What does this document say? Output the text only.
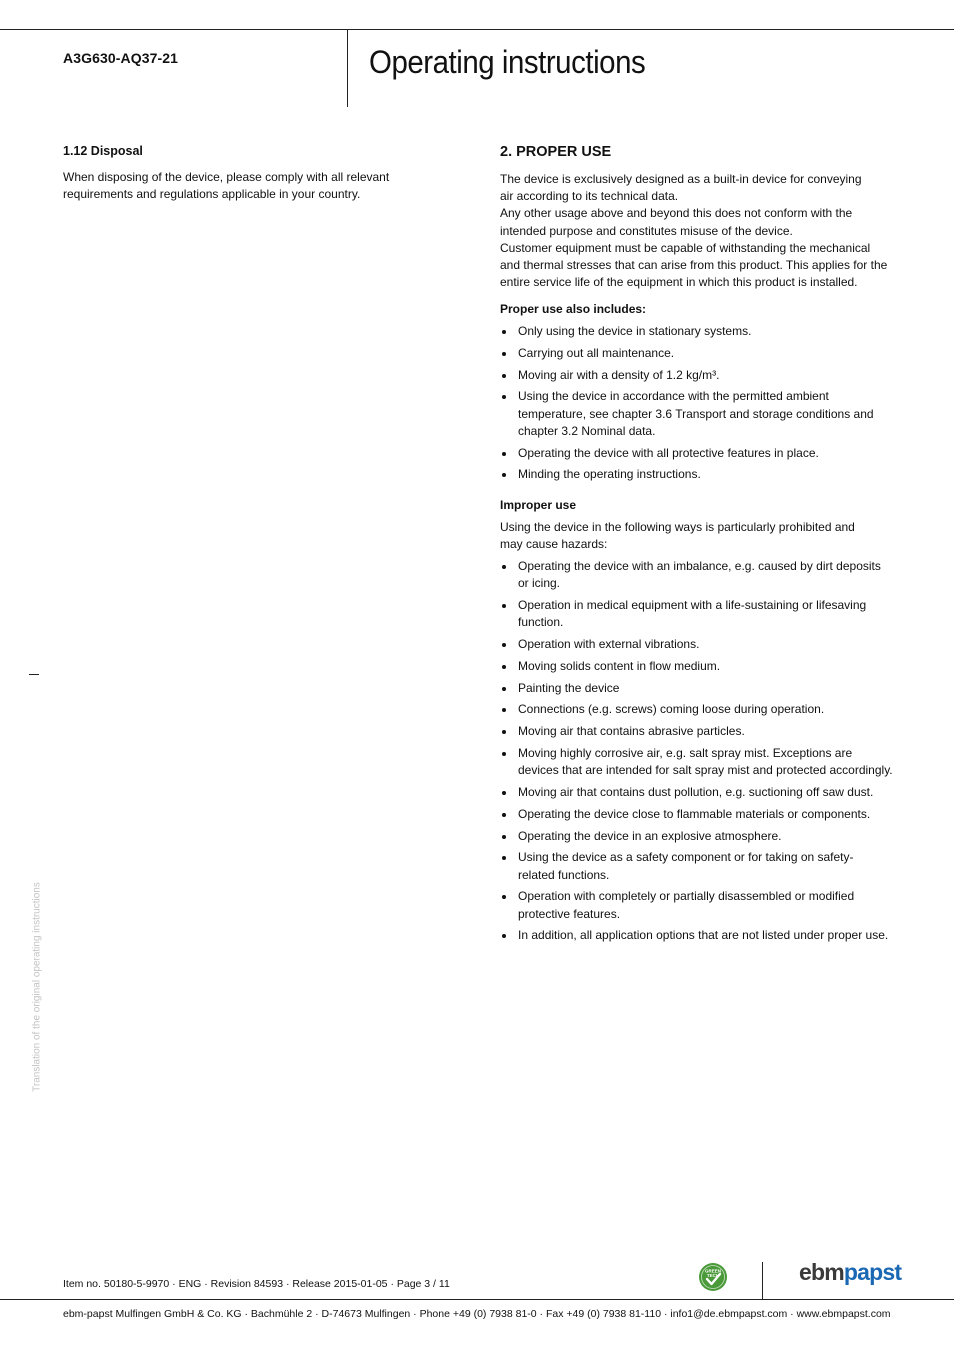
A3G630-AQ37-21	Operating instructions
1.12 Disposal
When disposing of the device, please comply with all relevant
requirements and regulations applicable in your country.
2. PROPER USE
The device is exclusively designed as a built-in device for conveying
air according to its technical data.
Any other usage above and beyond this does not conform with the
intended purpose and constitutes misuse of the device.
Customer equipment must be capable of withstanding the mechanical
and thermal stresses that can arise from this product. This applies for the
entire service life of the equipment in which this product is installed.
Proper use also includes:
Only using the device in stationary systems.
Carrying out all maintenance.
Moving air with a density of 1.2 kg/m³.
Using the device in accordance with the permitted ambient
temperature, see chapter 3.6 Transport and storage conditions and
chapter 3.2 Nominal data.
Operating the device with all protective features in place.
Minding the operating instructions.
Improper use
Using the device in the following ways is particularly prohibited and
may cause hazards:
Operating the device with an imbalance, e.g. caused by dirt deposits
or icing.
Operation in medical equipment with a life-sustaining or lifesaving
function.
Operation with external vibrations.
Moving solids content in flow medium.
Painting the device
Connections (e.g. screws) coming loose during operation.
Moving air that contains abrasive particles.
Moving highly corrosive air, e.g. salt spray mist. Exceptions are
devices that are intended for salt spray mist and protected accordingly.
Moving air that contains dust pollution, e.g. suctioning off saw dust.
Operating the device close to flammable materials or components.
Operating the device in an explosive atmosphere.
Using the device as a safety component or for taking on safety-
related functions.
Operation with completely or partially disassembled or modified
protective features.
In addition, all application options that are not listed under proper use.
Translation of the original operating instructions
Item no. 50180-5-9970 · ENG · Revision 84593 · Release 2015-01-05 · Page 3 / 11
GREEN
TECH	ebmpapst
ebm-papst Mulfingen GmbH & Co. KG · Bachmühle 2 · D-74673 Mulfingen · Phone +49 (0) 7938 81-0 · Fax +49 (0) 7938 81-110 · info1@de.ebmpapst.com · www.ebmpapst.com
